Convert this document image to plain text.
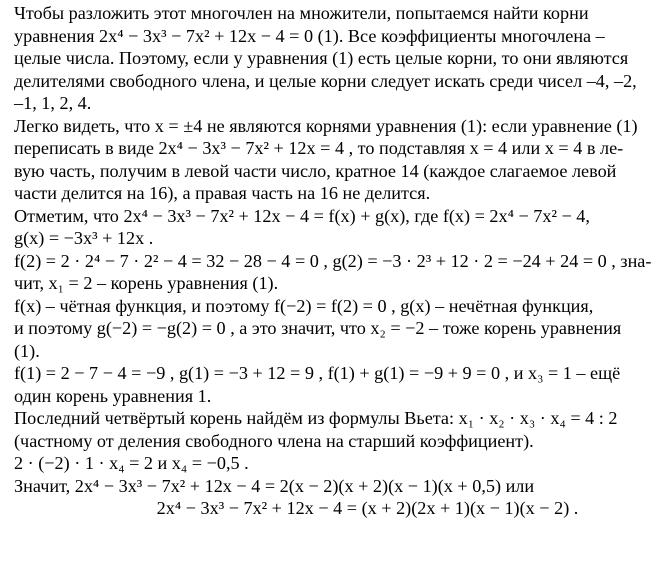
Чтобы разложить этот многочлен на множители, попытаемся найти корни
уравнения 2x⁴ − 3x³ − 7x² + 12x − 4 = 0 (1). Все коэффициенты многочлена –
целые числа. Поэтому, если у уравнения (1) есть целые корни, то они являются
делителями свободного члена, и целые корни следует искать среди чисел –4, –2,
–1, 1, 2, 4.
Легко видеть, что x = ±4 не являются корнями уравнения (1): если уравнение (1)
переписать в виде 2x⁴ − 3x³ − 7x² + 12x = 4 , то подставляя x = 4 или x = 4 в ле-
вую часть, получим в левой части число, кратное 14 (каждое слагаемое левой
части делится на 16), а правая часть на 16 не делится.
Отметим, что 2x⁴ − 3x³ − 7x² + 12x − 4 = f(x) + g(x), где f(x) = 2x⁴ − 7x² − 4,
g(x) = −3x³ + 12x .
f(2) = 2 · 2⁴ − 7 · 2² − 4 = 32 − 28 − 4 = 0 , g(2) = −3 · 2³ + 12 · 2 = −24 + 24 = 0 , зна-
чит, x₁ = 2 – корень уравнения (1).
f(x) – чётная функция, и поэтому f(−2) = f(2) = 0 , g(x) – нечётная функция,
и поэтому g(−2) = −g(2) = 0 , а это значит, что x₂ = −2 – тоже корень уравнения
(1).
f(1) = 2 − 7 − 4 = −9 , g(1) = −3 + 12 = 9 , f(1) + g(1) = −9 + 9 = 0 , и x₃ = 1 – ещё
один корень уравнения 1.
Последний четвёртый корень найдём из формулы Вьета: x₁ · x₂ · x₃ · x₄ = 4 : 2
(частному от деления свободного члена на старший коэффициент).
2 · (−2) · 1 · x₄ = 2 и x₄ = −0,5 .
Значит, 2x⁴ − 3x³ − 7x² + 12x − 4 = 2(x − 2)(x + 2)(x − 1)(x + 0,5) или
2x⁴ − 3x³ − 7x² + 12x − 4 = (x + 2)(2x + 1)(x − 1)(x − 2) .
